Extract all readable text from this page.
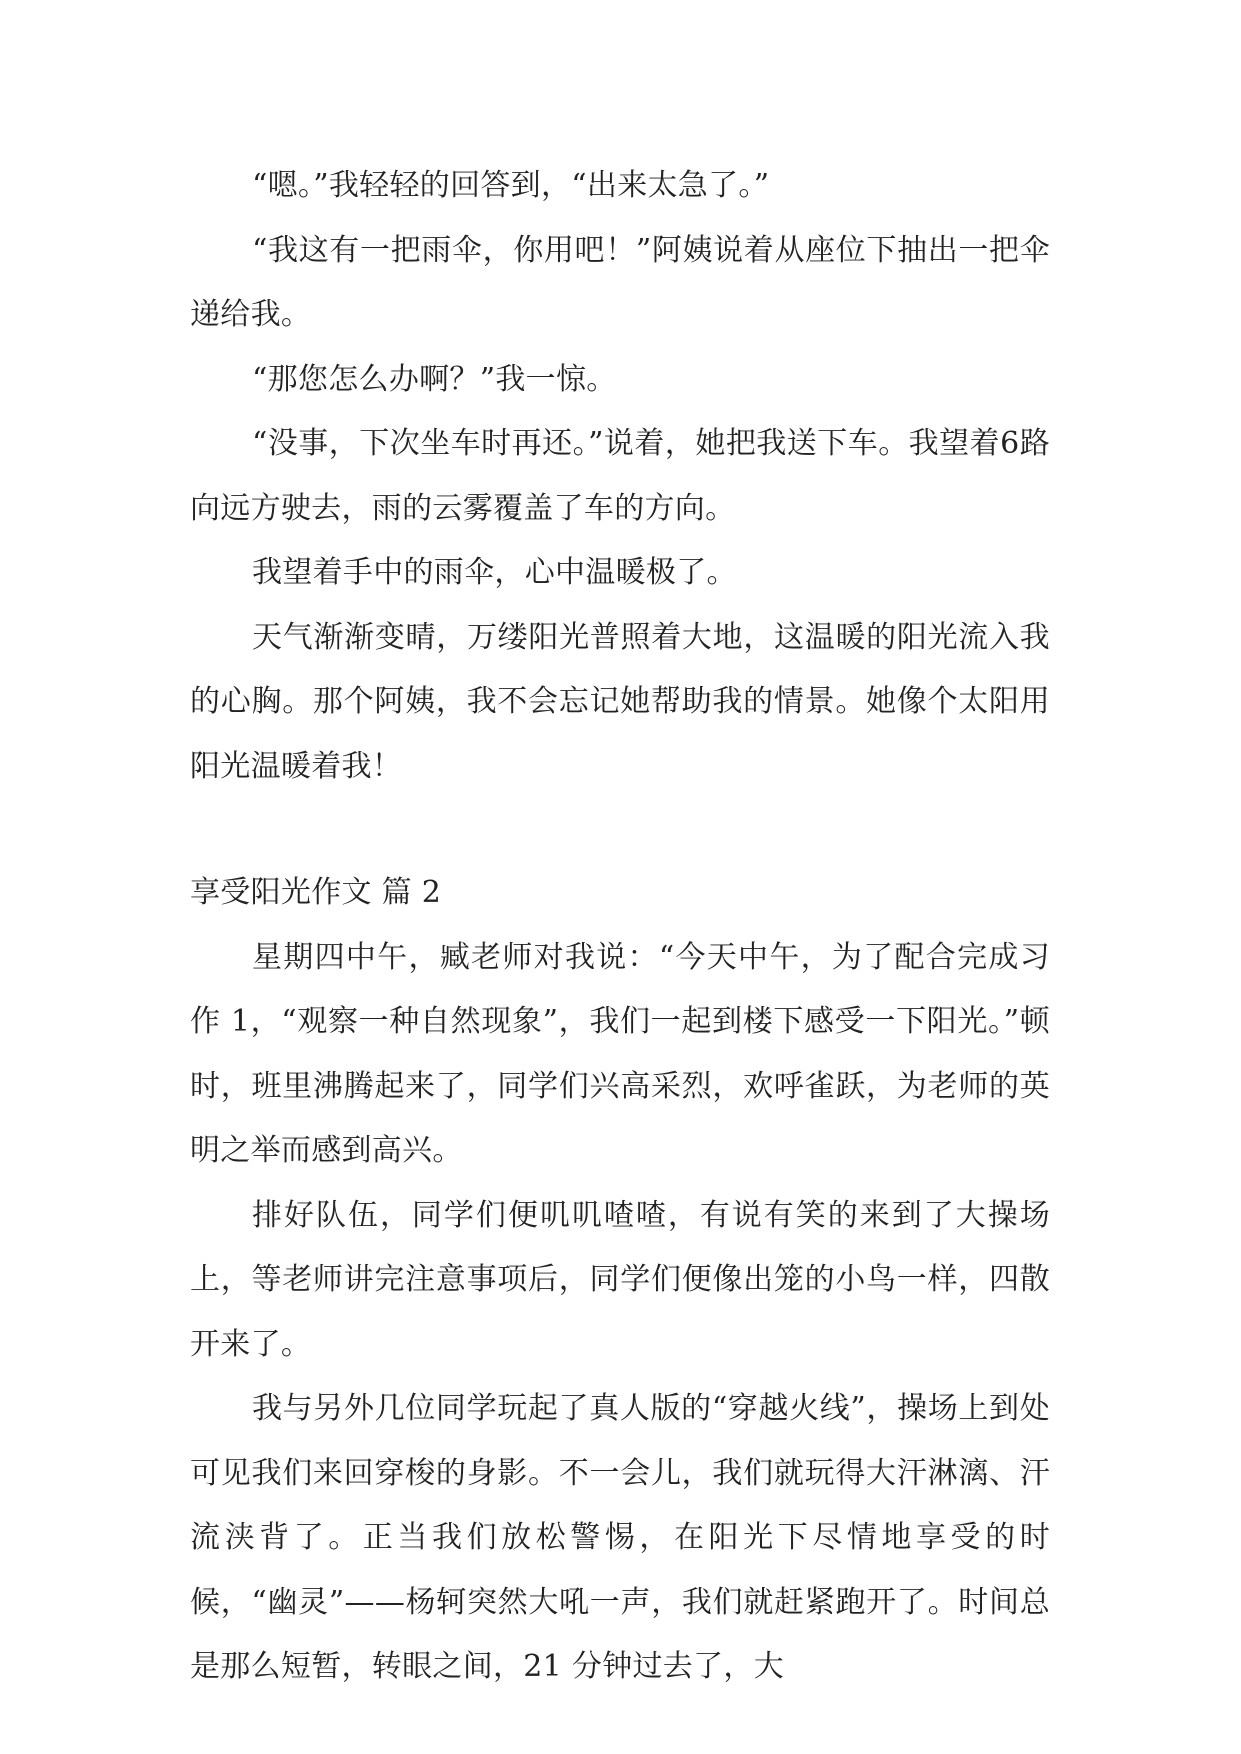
“嗯。”我轻轻的回答到，“出来太急了。”

“我这有一把雨伞，你用吧！”阿姨说着从座位下抽出一把伞递给我。

“那您怎么办啊？”我一惊。

“没事，下次坐车时再还。”说着，她把我送下车。我望着6路向远方驶去，雨的云雾覆盖了车的方向。

我望着手中的雨伞，心中温暖极了。

天气渐渐变晴，万缕阳光普照着大地，这温暖的阳光流入我的心胸。那个阿姨，我不会忘记她帮助我的情景。她像个太阳用阳光温暖着我！

享受阳光作文 篇 2

星期四中午，臧老师对我说：“今天中午，为了配合完成习作 1，“观察一种自然现象”，我们一起到楼下感受一下阳光。”顿时，班里沸腾起来了，同学们兴高采烈，欢呼雀跃，为老师的英明之举而感到高兴。

排好队伍，同学们便叽叽喳喳，有说有笑的来到了大操场上，等老师讲完注意事项后，同学们便像出笼的小鸟一样，四散开来了。

我与另外几位同学玩起了真人版的“穿越火线”，操场上到处可见我们来回穿梭的身影。不一会儿，我们就玩得大汗淋漓、汗流浃背了。正当我们放松警惕，在阳光下尽情地享受的时候，“幽灵”——杨轲突然大吼一声，我们就赶紧跑开了。时间总是那么短暂，转眼之间，21 分钟过去了，大
